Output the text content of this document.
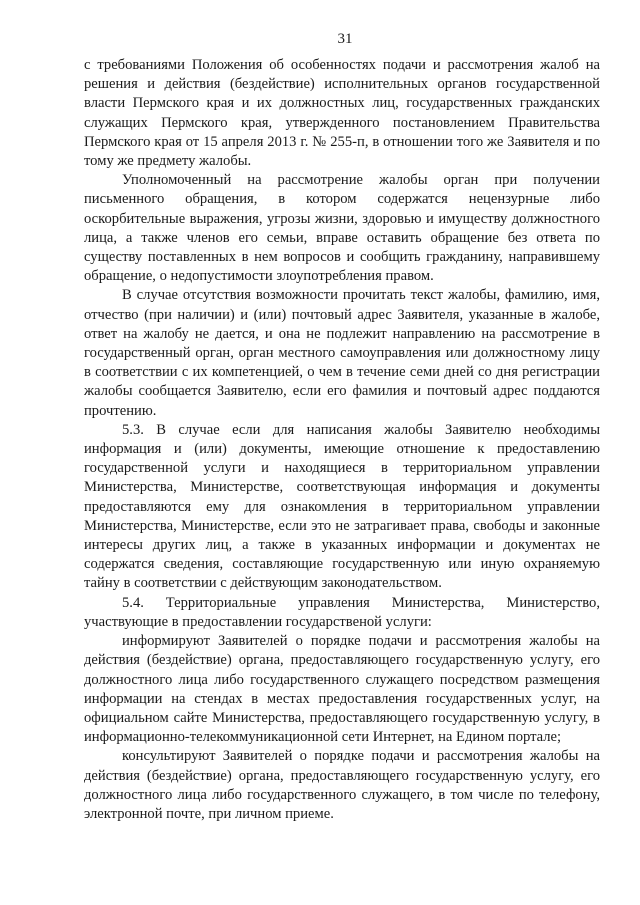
31

с требованиями Положения об особенностях подачи и рассмотрения жалоб на решения и действия (бездействие) исполнительных органов государственной власти Пермского края и их должностных лиц, государственных гражданских служащих Пермского края, утвержденного постановлением Правительства Пермского края от 15 апреля 2013 г. № 255-п, в отношении того же Заявителя и по тому же предмету жалобы.

Уполномоченный на рассмотрение жалобы орган при получении письменного обращения, в котором содержатся нецензурные либо оскорбительные выражения, угрозы жизни, здоровью и имуществу должностного лица, а также членов его семьи, вправе оставить обращение без ответа по существу поставленных в нем вопросов и сообщить гражданину, направившему обращение, о недопустимости злоупотребления правом.

В случае отсутствия возможности прочитать текст жалобы, фамилию, имя, отчество (при наличии) и (или) почтовый адрес Заявителя, указанные в жалобе, ответ на жалобу не дается, и она не подлежит направлению на рассмотрение в государственный орган, орган местного самоуправления или должностному лицу в соответствии с их компетенцией, о чем в течение семи дней со дня регистрации жалобы сообщается Заявителю, если его фамилия и почтовый адрес поддаются прочтению.

5.3. В случае если для написания жалобы Заявителю необходимы информация и (или) документы, имеющие отношение к предоставлению государственной услуги и находящиеся в территориальном управлении Министерства, Министерстве, соответствующая информация и документы предоставляются ему для ознакомления в территориальном управлении Министерства, Министерстве, если это не затрагивает права, свободы и законные интересы других лиц, а также в указанных информации и документах не содержатся сведения, составляющие государственную или иную охраняемую тайну в соответствии с действующим законодательством.

5.4. Территориальные управления Министерства, Министерство, участвующие в предоставлении государственой услуги:

информируют Заявителей о порядке подачи и рассмотрения жалобы на действия (бездействие) органа, предоставляющего государственную услугу, его должностного лица либо государственного служащего посредством размещения информации на стендах в местах предоставления государственных услуг, на официальном сайте Министерства, предоставляющего государственную услугу, в информационно-телекоммуникационной сети Интернет, на Едином портале;

консультируют Заявителей о порядке подачи и рассмотрения жалобы на действия (бездействие) органа, предоставляющего государственную услугу, его должностного лица либо государственного служащего, в том числе по телефону, электронной почте, при личном приеме.
